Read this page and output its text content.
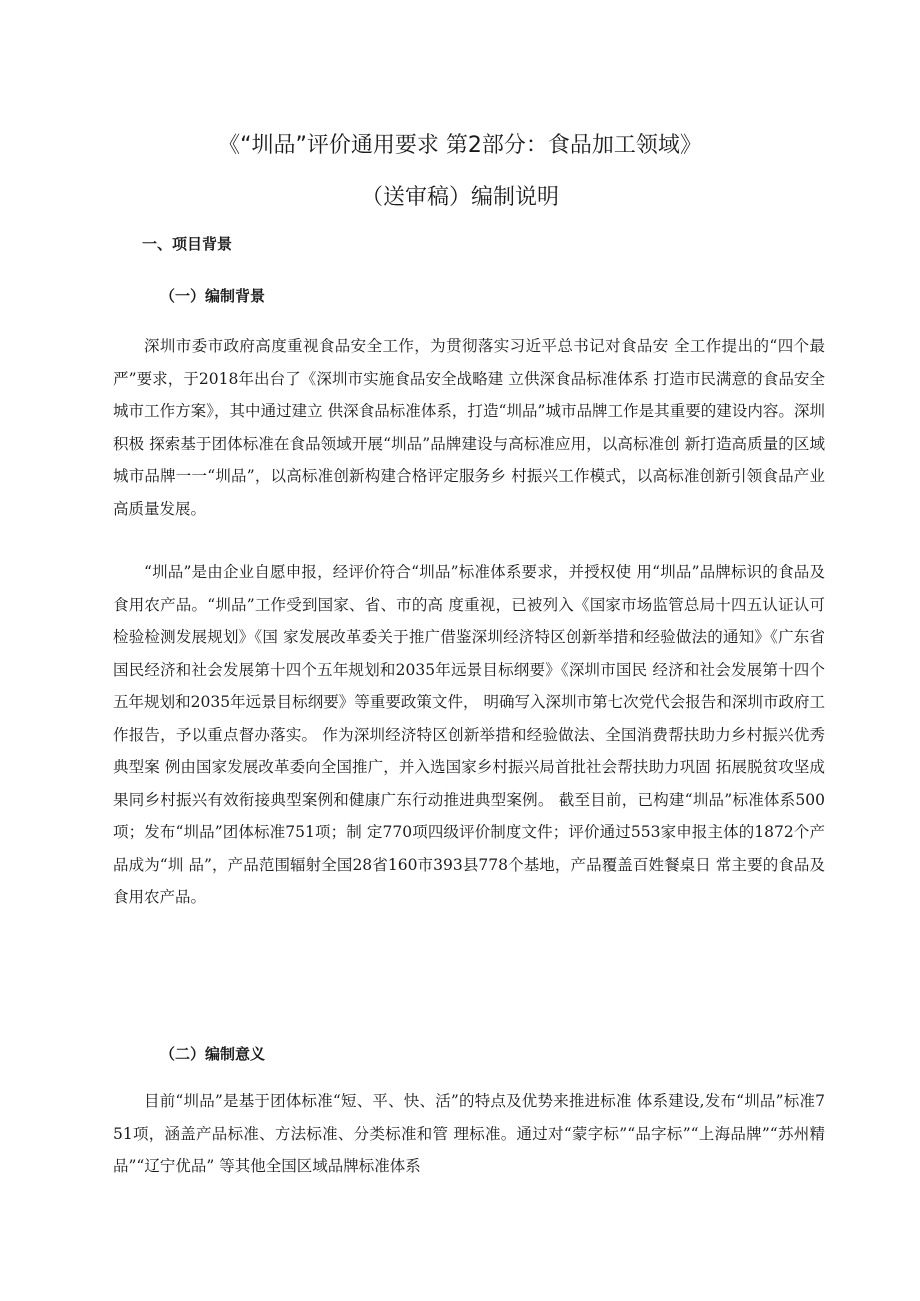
《“圳品”评价通用要求 第2部分：食品加工领域》
（送审稿）编制说明
一、项目背景
（一）编制背景

深圳市委市政府高度重视食品安全工作，为贯彻落实习近平总书记对食品安 全工作提出的“四个最严”要求，于2018年出台了《深圳市实施食品安全战略建 立供深食品标准体系 打造市民满意的食品安全城市工作方案》，其中通过建立 供深食品标准体系，打造“圳品”城市品牌工作是其重要的建设内容。深圳积极 探索基于团体标准在食品领域开展“圳品”品牌建设与高标准应用，以高标准创 新打造高质量的区域城市品牌一一“圳品”，以高标准创新构建合格评定服务乡 村振兴工作模式，以高标准创新引领食品产业高质量发展。

“圳品”是由企业自愿申报，经评价符合“圳品”标准体系要求，并授权使 用“圳品”品牌标识的食品及食用农产品。“圳品”工作受到国家、省、市的高 度重视，已被列入《国家市场监管总局十四五认证认可检验检测发展规划》《国 家发展改革委关于推广借鉴深圳经济特区创新举措和经验做法的通知》《广东省 国民经济和社会发展第十四个五年规划和2035年远景目标纲要》《深圳市国民 经济和社会发展第十四个五年规划和2035年远景目标纲要》等重要政策文件， 明确写入深圳市第七次党代会报告和深圳市政府工作报告，予以重点督办落实。 作为深圳经济特区创新举措和经验做法、全国消费帮扶助力乡村振兴优秀典型案 例由国家发展改革委向全国推广，并入选国家乡村振兴局首批社会帮扶助力巩固 拓展脱贫攻坚成果同乡村振兴有效衔接典型案例和健康广东行动推进典型案例。 截至目前，已构建“圳品”标准体系500项；发布“圳品”团体标准751项；制 定770项四级评价制度文件；评价通过553家申报主体的1872个产品成为“圳 品”，产品范围辐射全国28省160市393县778个基地，产品覆盖百姓餐桌日 常主要的食品及食用农产品。

（二）编制意义

目前“圳品”是基于团体标准“短、平、快、活”的特点及优势来推进标准 体系建设,发布“圳品”标准751项，涵盖产品标准、方法标准、分类标准和管 理标准。通过对“蒙字标”“品字标”“上海品牌”“苏州精品”“辽宁优品” 等其他全国区域品牌标准体系
